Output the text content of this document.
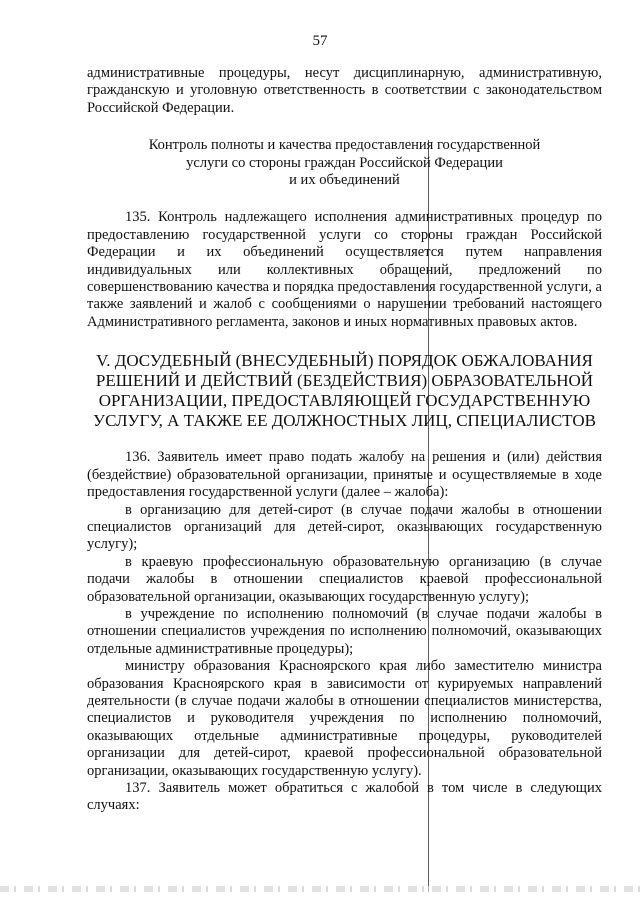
57

административные процедуры, несут дисциплинарную, административную, гражданскую и уголовную ответственность в соответствии с законодательством Российской Федерации.

Контроль полноты и качества предоставления государственной

услуги со стороны граждан Российской Федерации

и их объединений

135. Контроль надлежащего исполнения административных процедур по предоставлению государственной услуги со стороны граждан Российской Федерации и их объединений осуществляется путем направления индивидуальных или коллективных обращений, предложений по совершенствованию качества и порядка предоставления государственной услуги, а также заявлений и жалоб с сообщениями о нарушении требований настоящего Административного регламента, законов и иных нормативных правовых актов.

V. ДОСУДЕБНЫЙ (ВНЕСУДЕБНЫЙ) ПОРЯДОК ОБЖАЛОВАНИЯ
РЕШЕНИЙ И ДЕЙСТВИЙ (БЕЗДЕЙСТВИЯ) ОБРАЗОВАТЕЛЬНОЙ
ОРГАНИЗАЦИИ, ПРЕДОСТАВЛЯЮЩЕЙ ГОСУДАРСТВЕННУЮ
УСЛУГУ, А ТАКЖЕ ЕЕ ДОЛЖНОСТНЫХ ЛИЦ, СПЕЦИАЛИСТОВ

136. Заявитель имеет право подать жалобу на решения и (или) действия (бездействие) образовательной организации, принятые и осуществляемые в ходе предоставления государственной услуги (далее – жалоба):

в организацию для детей-сирот (в случае подачи жалобы в отношении специалистов организаций для детей-сирот, оказывающих государственную услугу);

в краевую профессиональную образовательную организацию (в случае подачи жалобы в отношении специалистов краевой профессиональной образовательной организации, оказывающих государственную услугу);

в учреждение по исполнению полномочий (в случае подачи жалобы в отношении специалистов учреждения по исполнению полномочий, оказывающих отдельные административные процедуры);

министру образования Красноярского края либо заместителю министра образования Красноярского края в зависимости от курируемых направлений деятельности (в случае подачи жалобы в отношении специалистов министерства, специалистов и руководителя учреждения по исполнению полномочий, оказывающих отдельные административные процедуры, руководителей организации для детей-сирот, краевой профессиональной образовательной организации, оказывающих государственную услугу).

137. Заявитель может обратиться с жалобой в том числе в следующих случаях:
